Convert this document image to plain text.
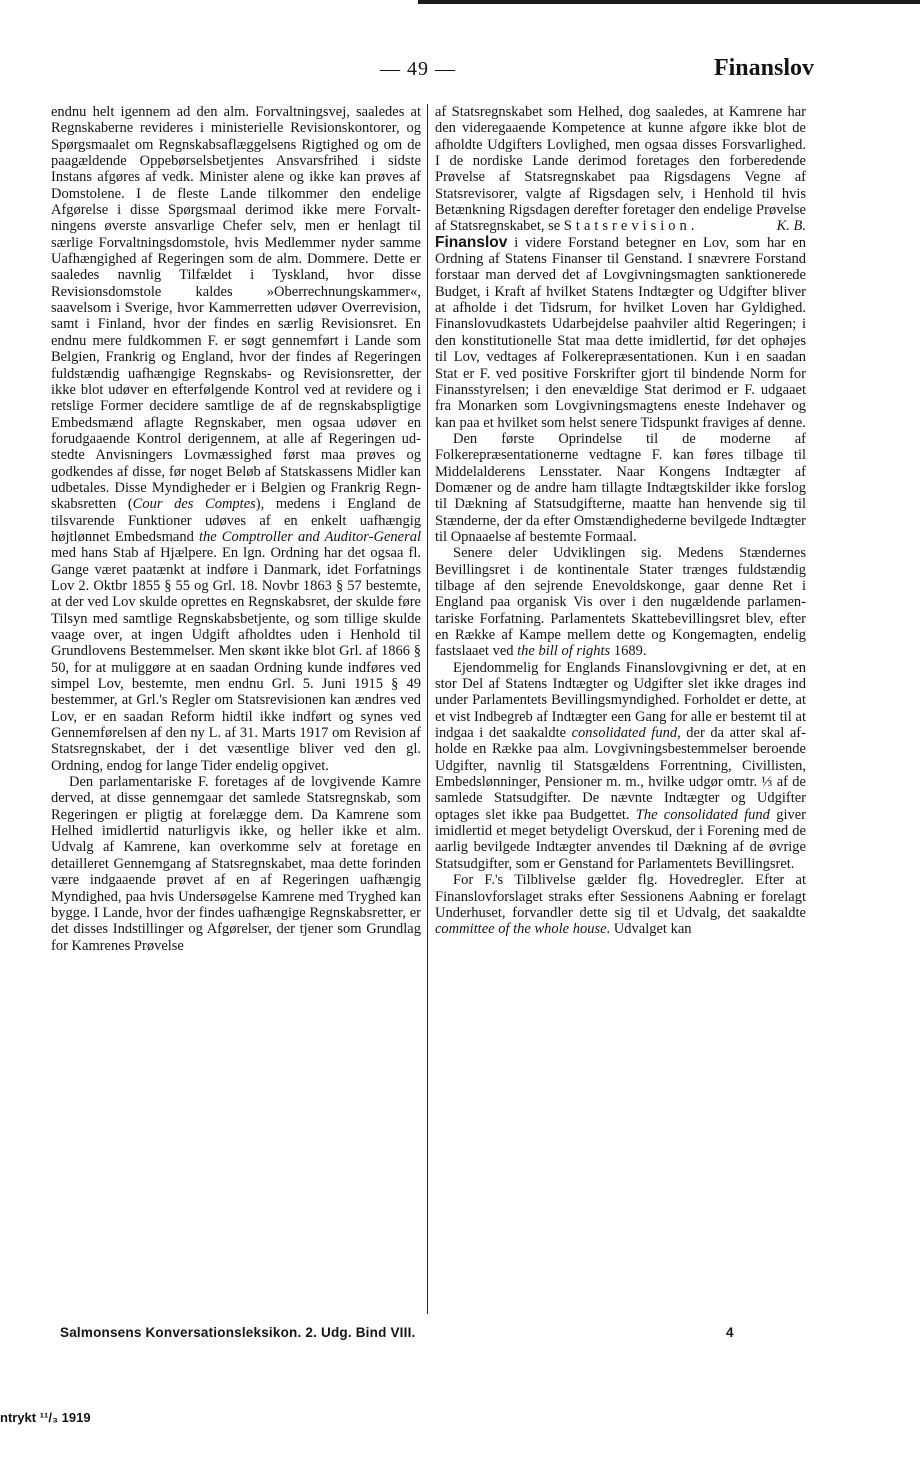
— 49 —	Finanslov

endnu helt igennem ad den alm. Forvaltningsvej, saaledes at Regnskaberne revideres i ministerielle Revisionskontorer, og Spørgsmaalet om Regnskabsaflæggelsens Rigtighed og om de paagældende Oppebørselsbetjentes Ansvarsfrihed i sidste Instans afgøres af vedk. Minister alene og ikke kan prøves af Domstolene. I de fleste Lande tilkommer den endelige Afgørelse i disse Spørgsmaal derimod ikke mere Forvaltningens øverste ansvarlige Chefer selv, men er henlagt til særlige Forvaltningsdomstole, hvis Medlemmer nyder samme Uafhængighed af Regeringen som de alm. Dommere. Dette er saaledes navnlig Tilfældet i Tyskland, hvor disse Revisionsdomstole kaldes »Oberrechnungskammer«, saavelsom i Sverige, hvor Kammerretten udøver Overrevision, samt i Finland, hvor der findes en særlig Revisionsret. En endnu mere fuldkommen F. er søgt gennemført i Lande som Belgien, Frankrig og England, hvor der findes af Regeringen fuldstændig uafhængige Regnskabs- og Revisionsretter, der ikke blot udøver en efterfølgende Kontrol ved at revidere og i retslige Former decidere samtlige de af de regnskabspligtige Embedsmænd aflagte Regnskaber, men ogsaa udøver en forudgaaende Kontrol derigennem, at alle af Regeringen udstedte Anvisningers Lovmæssighed først maa prøves og godkendes af disse, før noget Beløb af Statskassens Midler kan udbetales. Disse Myndigheder er i Belgien og Frankrig Regnskabsretten (Cour des Comptes), medens i England de tilsvarende Funktioner udøves af en enkelt uafhængig højtlønnet Embedsmand the Comptroller and Auditor-General med hans Stab af Hjælpere. En lgn. Ordning har det ogsaa fl. Gange været paatænkt at indføre i Danmark, idet Forfatnings Lov 2. Oktbr 1855 § 55 og Grl. 18. Novbr 1863 § 57 bestemte, at der ved Lov skulde oprettes en Regnskabsret, der skulde føre Tilsyn med samtlige Regnskabsbetjente, og som tillige skulde vaage over, at ingen Udgift afholdtes uden i Henhold til Grundlovens Bestemmelser. Men skønt ikke blot Grl. af 1866 § 50, for at muliggøre at en saadan Ordning kunde indføres ved simpel Lov, bestemte, men endnu Grl. 5. Juni 1915 § 49 bestemmer, at Grl.'s Regler om Statsrevisionen kan ændres ved Lov, er en saadan Reform hidtil ikke indført og synes ved Gennemførelsen af den ny L. af 31. Marts 1917 om Revision af Statsregnskabet, der i det væsentlige bliver ved den gl. Ordning, endog for lange Tider endelig opgivet.

Den parlamentariske F. foretages af de lovgivende Kamre derved, at disse gennemgaar det samlede Statsregnskab, som Regeringen er pligtig at forelægge dem. Da Kamrene som Helhed imidlertid naturligvis ikke, og heller ikke et alm. Udvalg af Kamrene, kan overkomme selv at foretage en detailleret Gennemgang af Statsregnskabet, maa dette forinden være indgaaende prøvet af en af Regeringen uafhængig Myndighed, paa hvis Undersøgelse Kamrene med Tryghed kan bygge. I Lande, hvor der findes uafhængige Regnskabsretter, er det disses Indstillinger og Afgørelser, der tjener som Grundlag for Kamrenes Prøvelse

af Statsregnskabet som Helhed, dog saaledes, at Kamrene har den videregaaende Kompetence at kunne afgøre ikke blot de afholdte Udgifters Lovlighed, men ogsaa disses Forsvarlighed. I de nordiske Lande derimod foretages den forberedende Prøvelse af Statsregnskabet paa Rigsdagens Vegne af Statsrevisorer, valgte af Rigsdagen selv, i Henhold til hvis Betænkning Rigsdagen derefter foretager den endelige Prøvelse af Statsregnskabet, se Statsrevision.	K. B.

Finanslov i videre Forstand betegner en Lov, som har en Ordning af Statens Finanser til Genstand. I snævrere Forstand forstaar man derved det af Lovgivningsmagten sanktionerede Budget, i Kraft af hvilket Statens Indtægter og Udgifter bliver at afholde i det Tidsrum, for hvilket Loven har Gyldighed. Finanslovudkastets Udarbejdelse paahviler altid Regeringen; i den konstitutionelle Stat maa dette imidlertid, før det ophøjes til Lov, vedtages af Folkerepræsentationen. Kun i en saadan Stat er F. ved positive Forskrifter gjort til bindende Norm for Finansstyrelsen; i den enevældige Stat derimod er F. udgaaet fra Monarken som Lovgivningsmagtens eneste Indehaver og kan paa et hvilket som helst senere Tidspunkt fraviges af denne.

Den første Oprindelse til de moderne af Folkerepræsentationerne vedtagne F. kan føres tilbage til Middelalderens Lensstater. Naar Kongens Indtægter af Domæner og de andre ham tillagte Indtægtskilder ikke forslog til Dækning af Statsudgifterne, maatte han henvende sig til Stænderne, der da efter Omstændighederne bevilgede Indtægter til Opnaaelse af bestemte Formaal.

Senere deler Udviklingen sig. Medens Stændernes Bevillingsret i de kontinentale Stater trænges fuldstændig tilbage af den sejrende Enevoldskonge, gaar denne Ret i England paa organisk Vis over i den nugældende parlamentariske Forfatning. Parlamentets Skattebevillingsret blev, efter en Række af Kampe mellem dette og Kongemagten, endelig fastslaaet ved the bill of rights 1689.

Ejendommelig for Englands Finanslovgivning er det, at en stor Del af Statens Indtægter og Udgifter slet ikke drages ind under Parlamentets Bevillingsmyndighed. Forholdet er dette, at et vist Indbegreb af Indtægter een Gang for alle er bestemt til at indgaa i det saakaldte consolidated fund, der da atter skal afholde en Række paa alm. Lovgivningsbestemmelser beroende Udgifter, navnlig til Statsgældens Forrentning, Civillisten, Embedslønninger, Pensioner m. m., hvilke udgør omtr. ⅓ af de samlede Statsudgifter. De nævnte Indtægter og Udgifter optages slet ikke paa Budgettet. The consolidated fund giver imidlertid et meget betydeligt Overskud, der i Forening med de aarlig bevilgede Indtægter anvendes til Dækning af de øvrige Statsudgifter, som er Genstand for Parlamentets Bevillingsret.

For F.'s Tilblivelse gælder flg. Hovedregler. Efter at Finanslovforslaget straks efter Sessionens Aabning er forelagt Underhuset, forvandler dette sig til et Udvalg, det saakaldte committee of the whole house. Udvalget kan

Salmonsens Konversationsleksikon. 2. Udg. Bind VIII.	4
ntrykt ¹¹/₃ 1919
